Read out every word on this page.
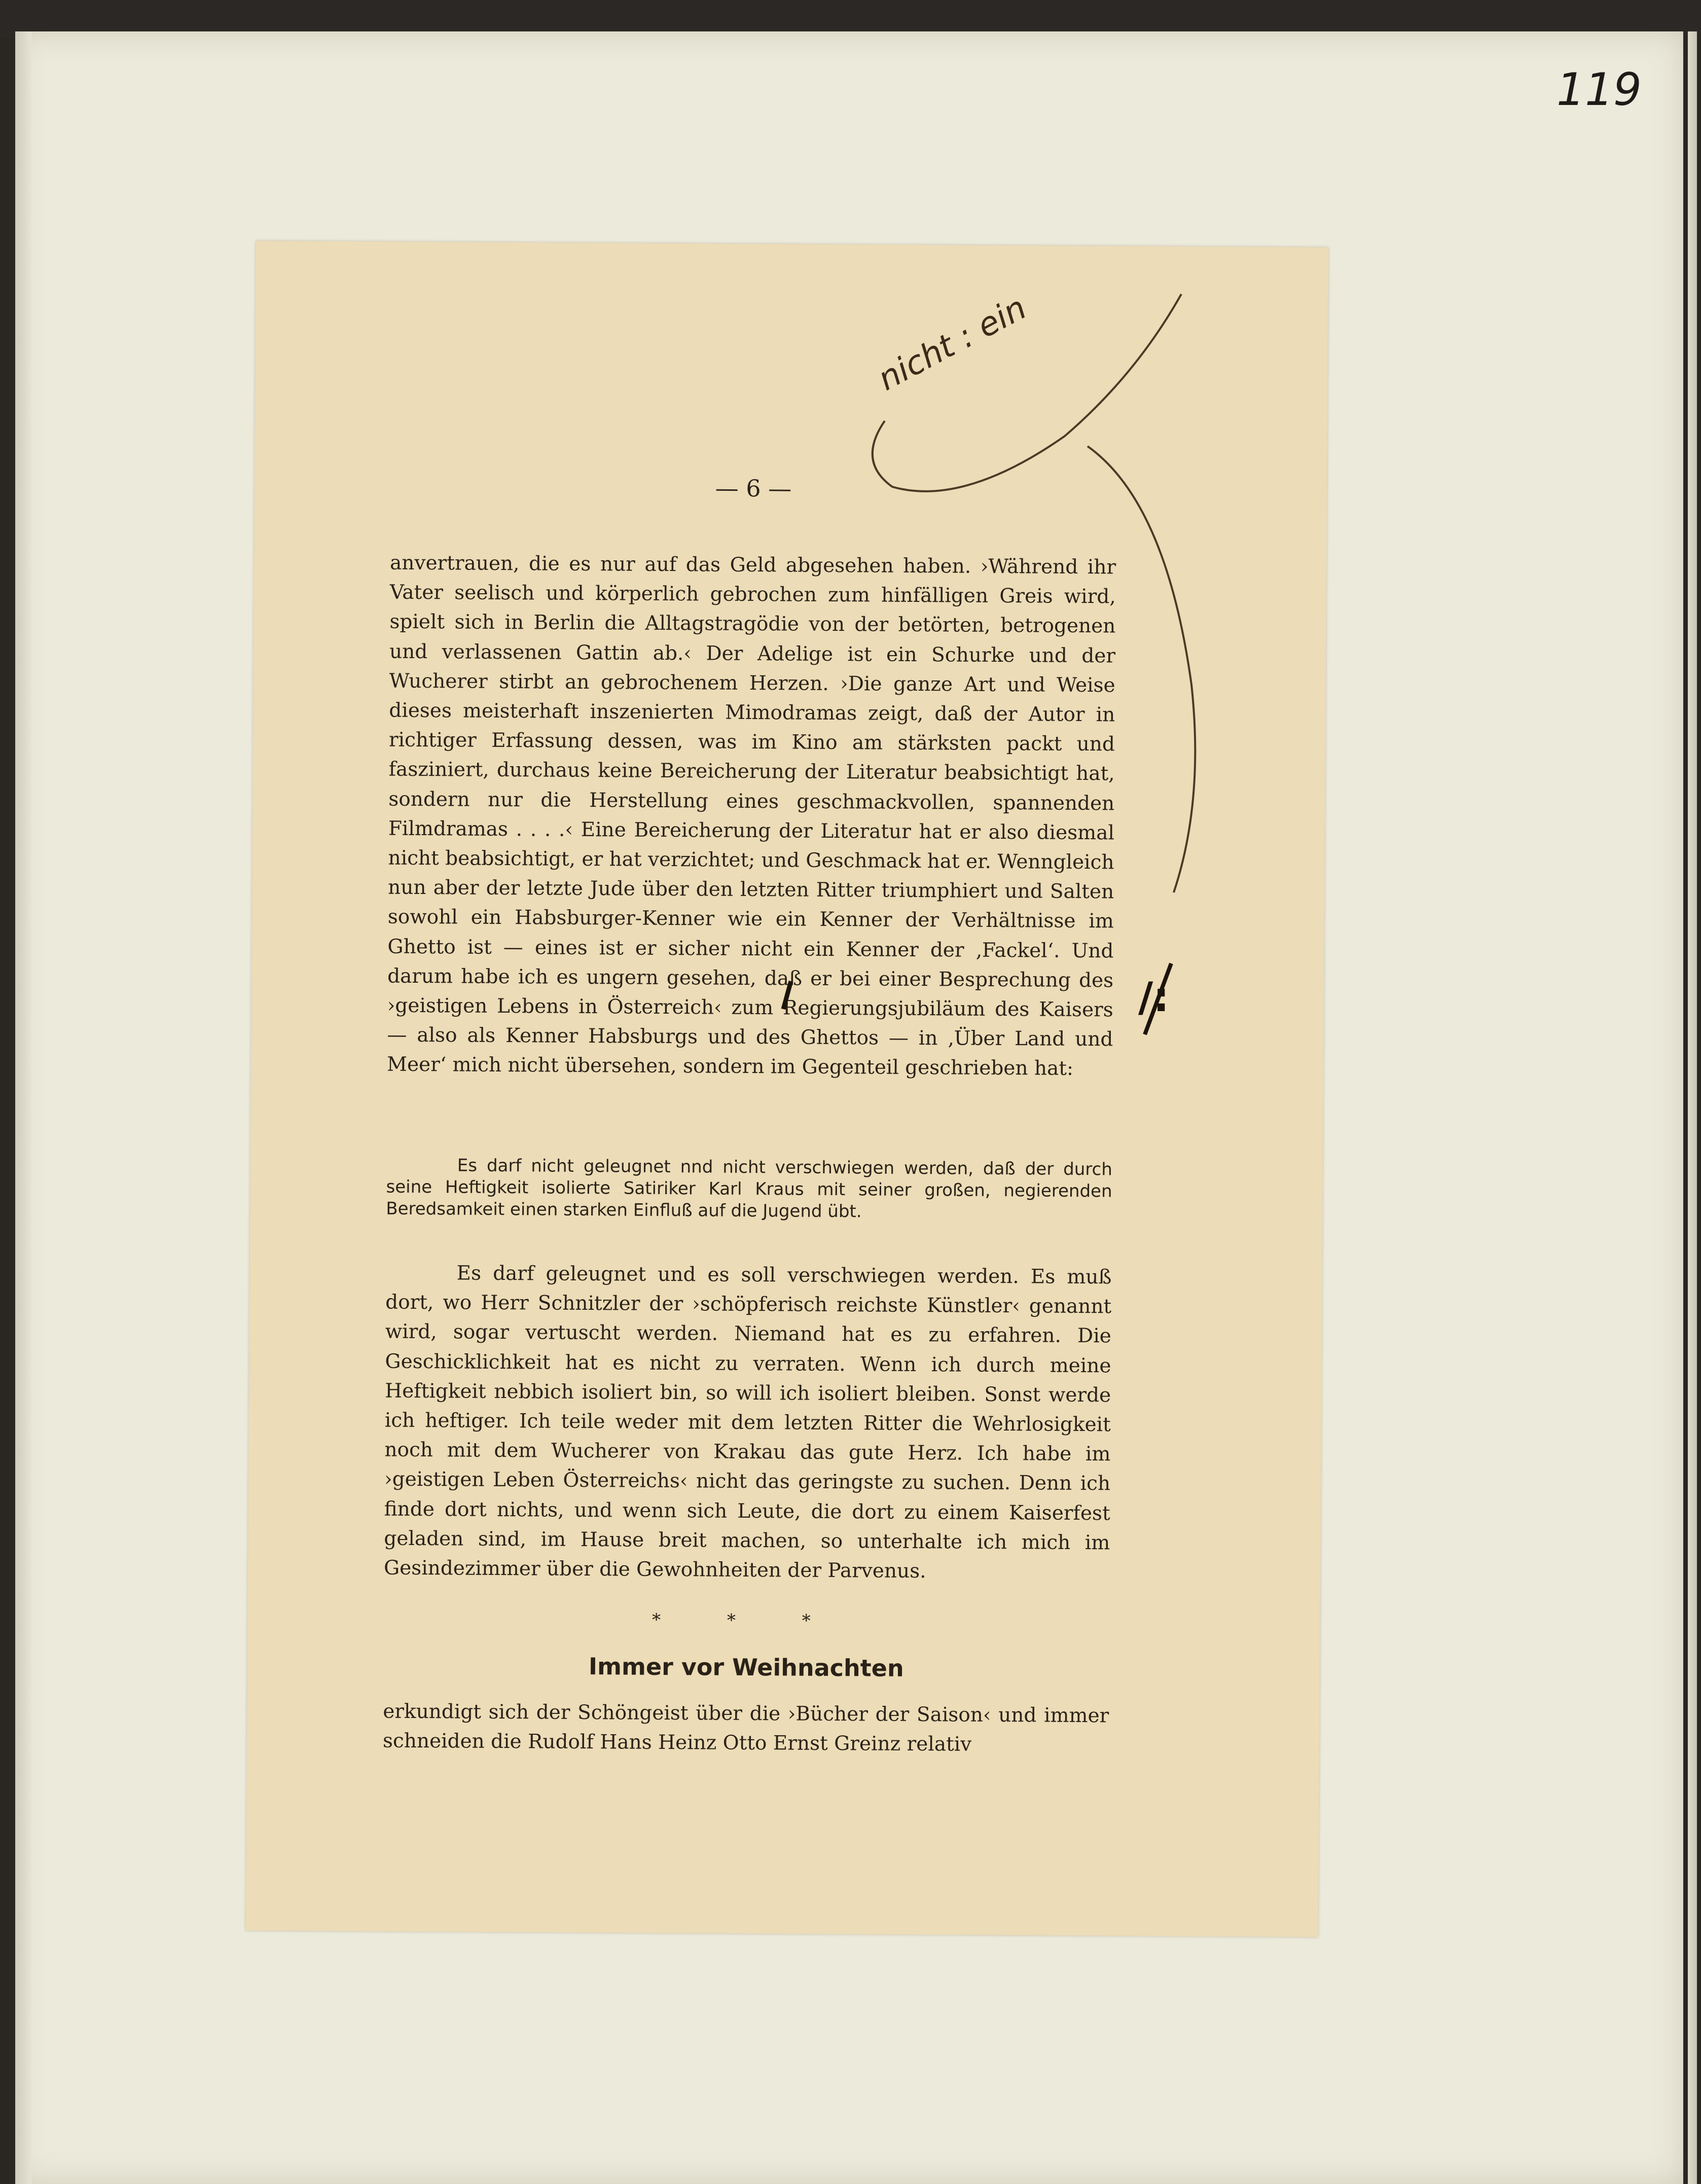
119
— 6 —

anvertrauen, die es nur auf das Geld abgesehen haben. ›Während ihr Vater seelisch und körperlich gebrochen zum hinfälligen Greis wird, spielt sich in Berlin die Alltagstragödie von der betörten, betrogenen und verlassenen Gattin ab.‹ Der Adelige ist ein Schurke und der Wucherer stirbt an gebrochenem Herzen. ›Die ganze Art und Weise dieses meisterhaft inszenierten Mimodramas zeigt, daß der Autor in richtiger Erfassung dessen, was im Kino am stärksten packt und fasziniert, durchaus keine Bereicherung der Literatur beabsichtigt hat, sondern nur die Herstellung eines geschmackvollen, spannenden Filmdramas . . . .‹ Eine Bereicherung der Literatur hat er also diesmal nicht beabsichtigt, er hat verzichtet; und Geschmack hat er. Wenngleich nun aber der letzte Jude über den letzten Ritter triumphiert und Salten sowohl ein Habsburger-Kenner wie ein Kenner der Verhältnisse im Ghetto ist — eines ist er sicher nicht ein Kenner der ‚Fackel‘. Und darum habe ich es ungern gesehen, daß er bei einer Besprechung des ›geistigen Lebens in Österreich‹ zum Regierungsjubiläum des Kaisers — also als Kenner Habsburgs und des Ghettos — in ‚Über Land und Meer‘ mich nicht übersehen, sondern im Gegenteil geschrieben hat:

Es darf nicht geleugnet nnd nicht verschwiegen werden, daß der durch seine Heftigkeit isolierte Satiriker Karl Kraus mit seiner großen, negierenden Beredsamkeit einen starken Einfluß auf die Jugend übt.

Es darf geleugnet und es soll verschwiegen werden. Es muß dort, wo Herr Schnitzler der ›schöpferisch reichste Künstler‹ genannt wird, sogar vertuscht werden. Niemand hat es zu erfahren. Die Geschicklichkeit hat es nicht zu verraten. Wenn ich durch meine Heftigkeit nebbich isoliert bin, so will ich isoliert bleiben. Sonst werde ich heftiger. Ich teile weder mit dem letzten Ritter die Wehrlosigkeit noch mit dem Wucherer von Krakau das gute Herz. Ich habe im ›geistigen Leben Österreichs‹ nicht das geringste zu suchen. Denn ich finde dort nichts, und wenn sich Leute, die dort zu einem Kaiserfest geladen sind, im Hause breit machen, so unterhalte ich mich im Gesindezimmer über die Gewohnheiten der Parvenus.

* * *
Immer vor Weihnachten

erkundigt sich der Schöngeist über die ›Bücher der Saison‹ und immer schneiden die Rudolf Hans Heinz Otto Ernst Greinz relativ

nicht : ein
/:
